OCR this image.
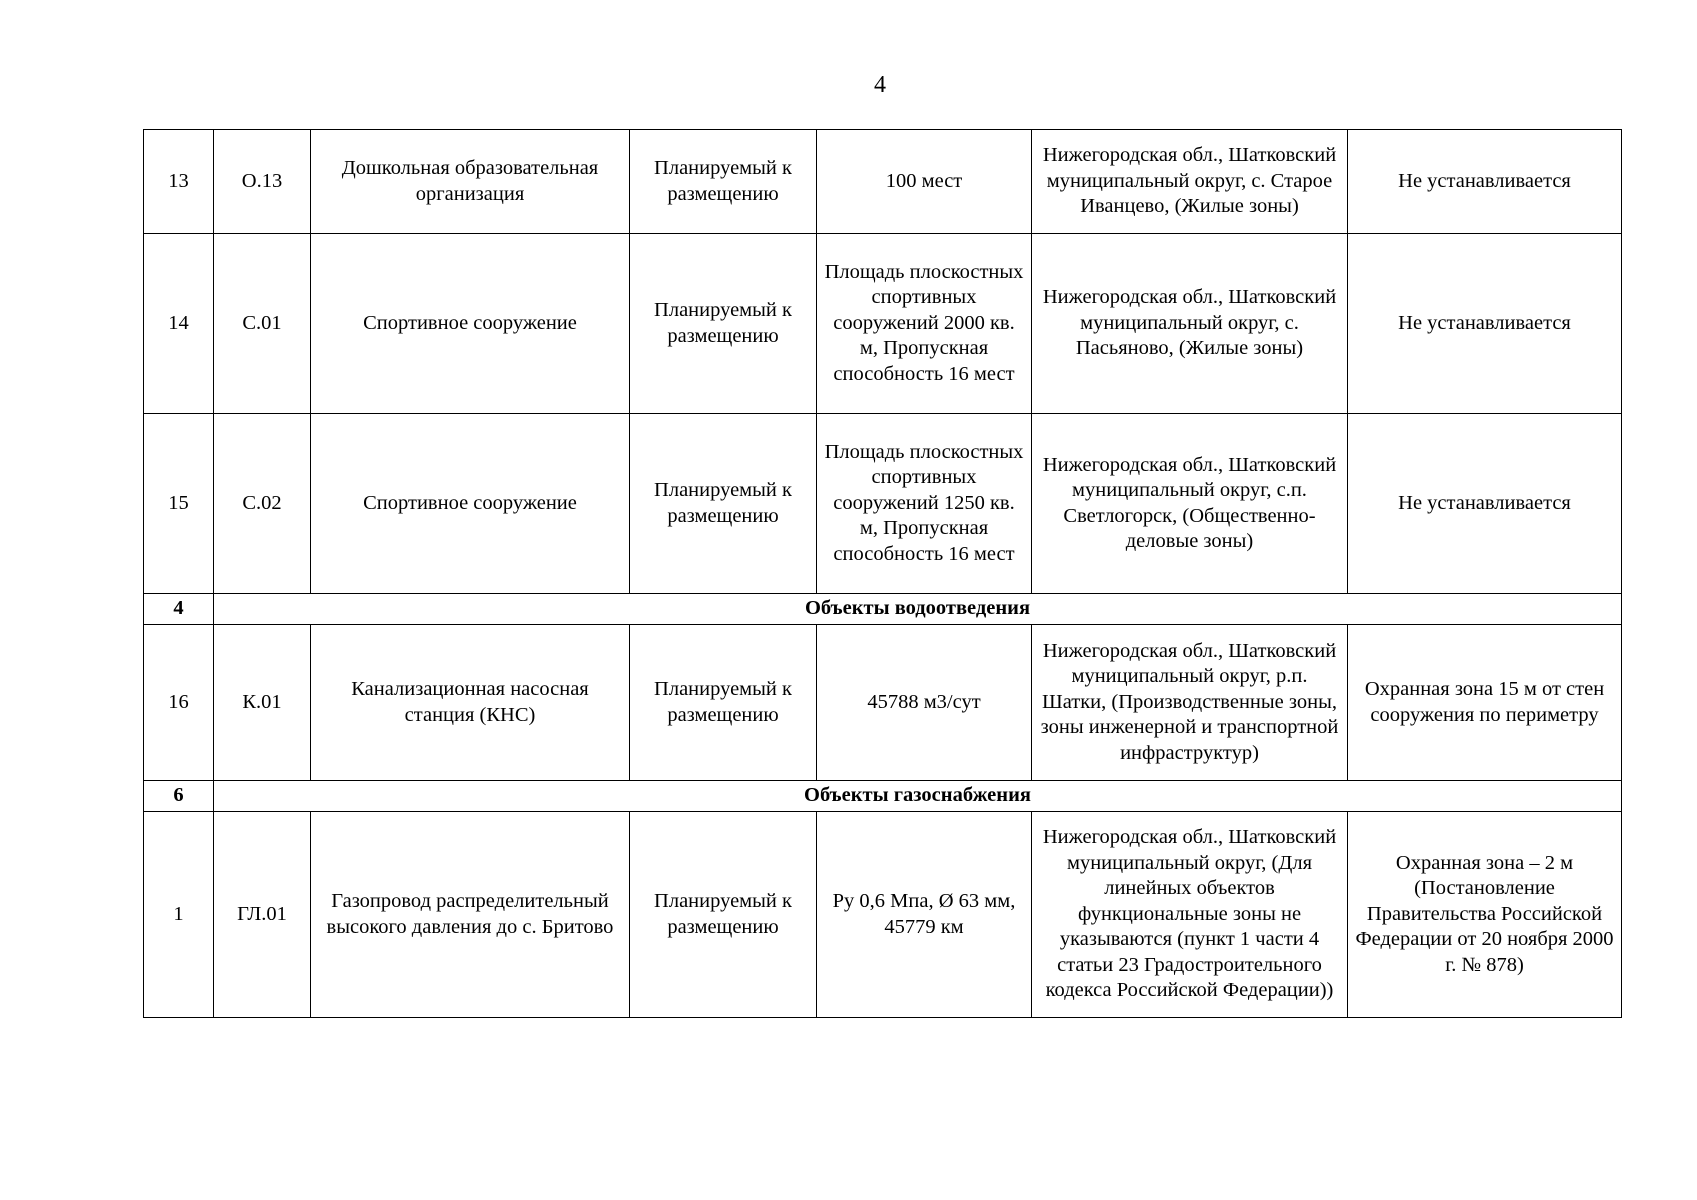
4
13	О.13	Дошкольная образовательная организация	Планируемый к размещению	100 мест	Нижегородская обл., Шатковский муниципальный округ, с. Старое Иванцево, (Жилые зоны)	Не устанавливается
14	С.01	Спортивное сооружение	Планируемый к размещению	Площадь плоскостных спортивных сооружений 2000 кв. м, Пропускная способность 16 мест	Нижегородская обл., Шатковский муниципальный округ, с. Пасьяново, (Жилые зоны)	Не устанавливается
15	С.02	Спортивное сооружение	Планируемый к размещению	Площадь плоскостных спортивных сооружений 1250 кв. м, Пропускная способность 16 мест	Нижегородская обл., Шатковский муниципальный округ, с.п. Светлогорск, (Общественно-деловые зоны)	Не устанавливается
4	Объекты водоотведения					
16	К.01	Канализационная насосная станция (КНС)	Планируемый к размещению	45788 м3/сут	Нижегородская обл., Шатковский муниципальный округ, р.п. Шатки, (Производственные зоны, зоны инженерной и транспортной инфраструктур)	Охранная зона 15 м от стен сооружения по периметру
6	Объекты газоснабжения					
1	ГЛ.01	Газопровод распределительный высокого давления до с. Бритово	Планируемый к размещению	Ру 0,6 Мпа, Ø 63 мм, 45779 км	Нижегородская обл., Шатковский муниципальный округ, (Для линейных объектов функциональные зоны не указываются (пункт 1 части 4 статьи 23 Градостроительного кодекса Российской Федерации))	Охранная зона – 2 м (Постановление Правительства Российской Федерации от 20 ноября 2000 г. № 878)
